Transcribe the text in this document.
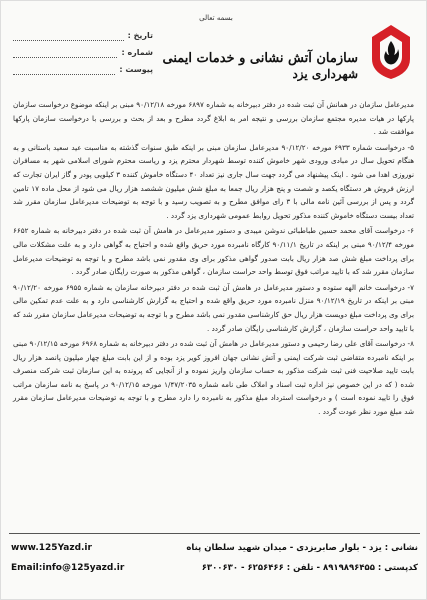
بسمه تعالی
تاریخ :
شماره :
پیوست :
سازمان آتش نشانی و خدمات ایمنی
شهرداری یزد

مدیرعامل سازمان در همانش آن ثبت شده در دفتر دبیرخانه به شماره ۶۸۹۷ مورخه ۹۰/۱۲/۱۸ مبنی بر اینکه موضوع درخواست سازمان پارکها در هیات مدیره مجتمع سازمان بررسی و نتیجه امر به ابلاغ گردد مطرح و بعد از بحث و بررسی با درخواست سازمان پارکها موافقت شد .

۵- درخواست شماره ۶۹۳۳ مورخه ۹۰/۱۲/۲۰ مدیرعامل سازمان مبنی بر اینکه طبق سنوات گذشته به مناسبت عید سعید باستانی و به هنگام تحویل سال در مبادی ورودی شهر خاموش کننده توسط شهردار محترم یزد و ریاست محترم شورای اسلامی شهر به مسافران نوروزی اهدا می شود . اینک پیشنهاد می گردد جهت سال جاری نیز تعداد ۴۰ دستگاه خاموش کننده ۳ کیلویی پودر و گاز ایران تجارت که ارزش فروش هر دستگاه یکصد و شصت و پنج هزار ریال جمعا به مبلغ شش میلیون ششصد هزار ریال می شود از محل ماده ۱۷ تامین گردد و پس از بررسی آئین نامه مالی با ۳ رای موافق مطرح و به تصویب رسید و با توجه به توضیحات مدیرعامل سازمان مقرر شد تعداد بیست دستگاه خاموش کننده مذکور تحویل روابط عمومی شهرداری یزد گردد .

۶- درخواست آقای محمد حسین طباطبائی ندوشن میبدی و دستور مدیرعامل در هامش آن ثبت شده در دفتر دبیرخانه به شماره ۶۶۵۲ مورخه ۹۰/۱۲/۴ مبنی بر اینکه در تاریخ ۹۰/۱۱/۱ کارگاه نامبرده مورد حریق واقع شده و احتیاج به گواهی دارد و به علت مشکلات مالی برای پرداخت مبلغ شش صد هزار ریال بابت صدور گواهی مذکور برای وی مقدور نمی باشد مطرح و با توجه به توضیحات مدیرعامل سازمان مقرر شد که با تایید مراتب فوق توسط واحد حراست سازمان ، گواهی مذکور به صورت رایگان صادر گردد .

۷- درخواست خانم الهه ستوده و دستور مدیرعامل در هامش آن ثبت شده در دفتر دبیرخانه سازمان به شماره ۶۹۵۵ مورخه ۹۰/۱۲/۲۰ مبنی بر اینکه در تاریخ ۹۰/۱۲/۱۹ منزل نامبرده مورد حریق واقع شده و احتیاج به گزارش کارشناسی دارد و به علت عدم تمکین مالی برای وی پرداخت مبلغ دویست هزار ریال حق کارشناسی مقدور نمی باشد مطرح و با توجه به توضیحات مدیرعامل سازمان مقرر شد که با تایید واحد حراست سازمان ، گزارش کارشناسی رایگان صادر گردد .

۸- درخواست آقای علی رضا رحیمی و دستور مدیرعامل در هامش آن ثبت شده در دفتر دبیرخانه به شماره ۶۹۶۸ مورخه ۹۰/۱۲/۱۵ مبنی بر اینکه نامبرده متقاضی ثبت شرکت ایمنی و آتش نشانی جهان افروز کویر یزد بوده و از این بابت مبلغ چهار میلیون پانصد هزار ریال بابت تایید صلاحیت فنی ثبت شرکت مذکور به حساب سازمان واریز نموده و از آنجایی که پرونده به این سازمان ثبت شرکت منصرف شده ( که در این خصوص نیز اداره ثبت اسناد و املاک طی نامه شماره ۱/۴۷/۲۰۳۵ مورخه ۹۰/۱۲/۱۵ در پاسخ به نامه سازمان مراتب فوق را تایید نموده است ) و درخواست استرداد مبلغ مذکور به نامبرده را دارد مطرح و با توجه به توضیحات مدیرعامل سازمان مقرر شد مبلغ مورد نظر عودت گردد .

نشانی : یزد - بلوار صابریزدی - میدان شهید سلطان پناه
کدپستی : ۸۹۱۹۸۹۶۴۵۵ - تلفن : ۶۲۵۶۴۶۶ - ۶۳۰۰۶۳۰
www.125Yazd.ir
Email:info@125yazd.ir
